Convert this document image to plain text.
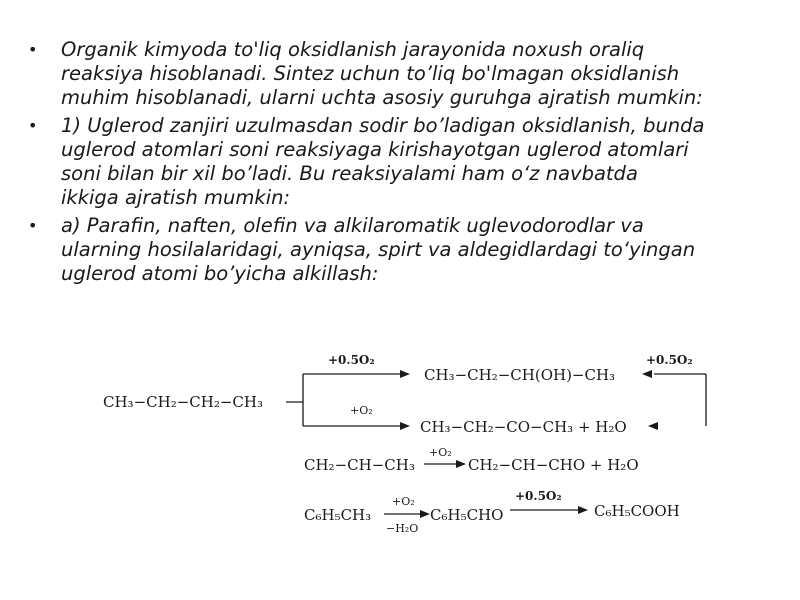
• Organik kimyoda to'liq oksidlanish jarayonida noxush oraliq
reaksiya hisoblanadi. Sintez uchun to’liq bo'lmagan oksidlanish
muhim hisoblanadi, ularni uchta asosiy guruhga ajratish mumkin:
• 1) Uglerod zanjiri uzulmasdan sodir bo’ladigan oksidlanish, bunda
uglerod atomlari soni reaksiyaga kirishayotgan uglerod atomlari
soni bilan bir xil bo’ladi. Bu reaksiyalami ham o‘z navbatda
ikkiga ajratish mumkin:
• a) Parafin, naften, olefin va alkilaromatik uglevodorodlar va
ularning hosilalaridagi, ayniqsa, spirt va aldegidlardagi to‘yingan
uglerod atomi bo’yicha alkillash:
CH₃−CH₂−CH₂−CH₃
+0.5O₂
CH₃−CH₂−CH(OH)−CH₃
+O₂
CH₃−CH₂−CO−CH₃ + H₂O
+0.5O₂
CH₂−CH−CH₃
+O₂
CH₂−CH−CHO + H₂O
C₆H₅CH₃
+O₂
−H₂O
C₆H₅CHO
+0.5O₂
C₆H₅COOH
